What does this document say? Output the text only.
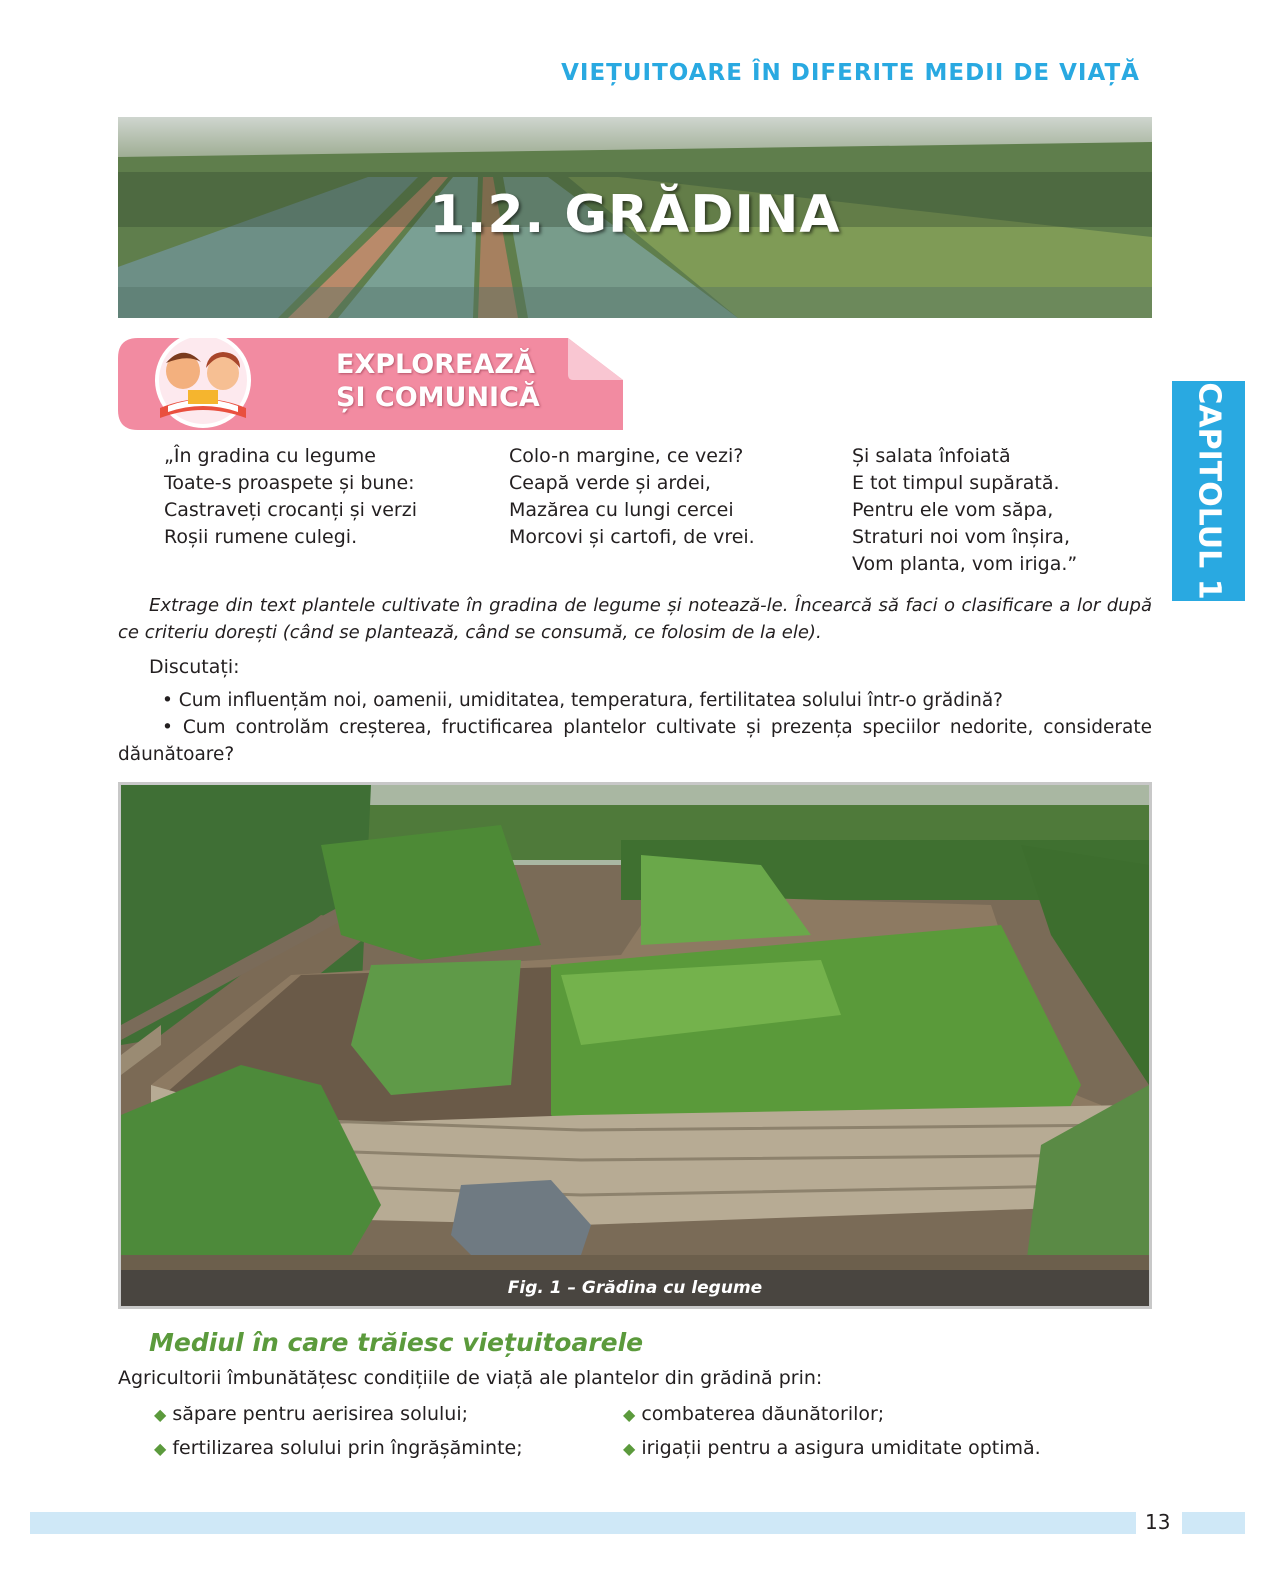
VIEȚUITOARE ÎN DIFERITE MEDII DE VIAȚĂ
1.2. GRĂDINA
CAPITOLUL 1
EXPLOREAZĂ
ȘI COMUNICĂ
„În gradina cu legume
Toate-s proaspete și bune:
Castraveți crocanți și verzi
Roșii rumene culegi.
Colo-n margine, ce vezi?
Ceapă verde și ardei,
Mazărea cu lungi cercei
Morcovi și cartofi, de vrei.
Și salata înfoiată
E tot timpul supărată.
Pentru ele vom săpa,
Straturi noi vom înșira,
Vom planta, vom iriga.”
Extrage din text plantele cultivate în gradina de legume și notează-le. Încearcă să faci o clasificare a lor după ce criteriu dorești (când se plantează, când se consumă, ce folosim de la ele).
Discutați:
• Cum influențăm noi, oamenii, umiditatea, temperatura, fertilitatea solului într-o grădină?
• Cum controlăm creșterea, fructificarea plantelor cultivate și prezența speciilor nedorite, considerate dăunătoare?
Fig. 1 – Grădina cu legume
Mediul în care trăiesc viețuitoarele
Agricultorii îmbunătățesc condițiile de viață ale plantelor din grădină prin:
◆ săpare pentru aerisirea solului;	◆ combaterea dăunătorilor;
◆ fertilizarea solului prin îngrășăminte;	◆ irigații pentru a asigura umiditate optimă.
13
